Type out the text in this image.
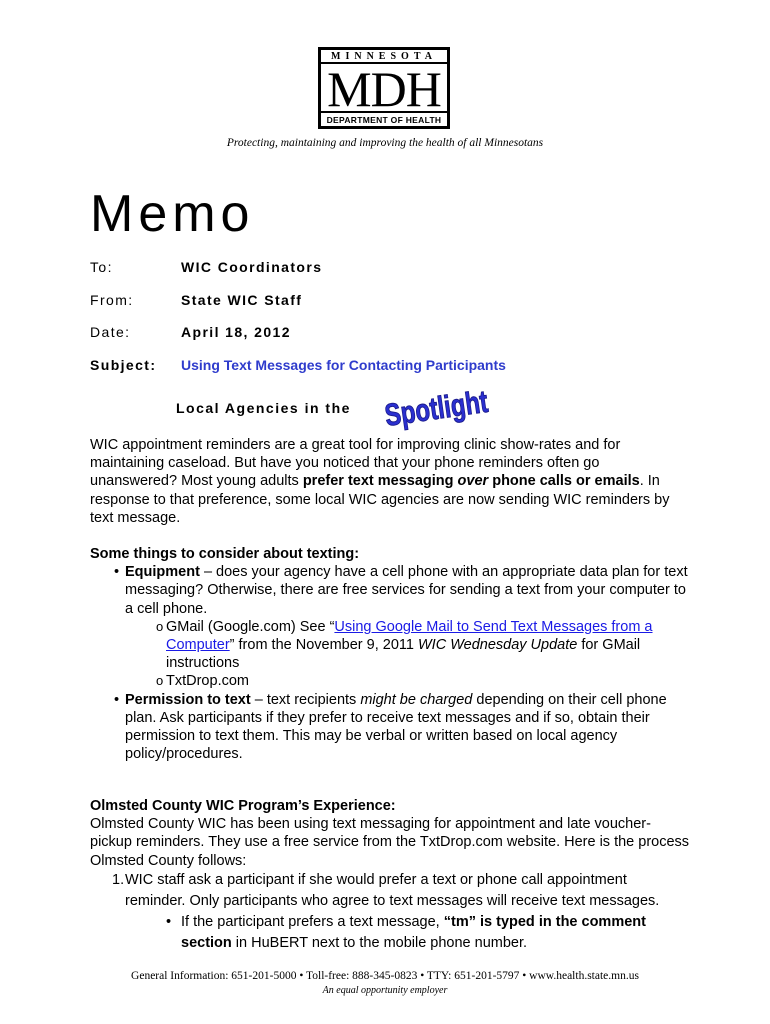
MINNESOTA
MDH
DEPARTMENT OF HEALTH
Protecting, maintaining and improving the health of all Minnesotans
Memo
To:	WIC Coordinators
From:	State WIC Staff
Date:	April 18, 2012
Subject:	Using Text Messages for Contacting Participants
Local Agencies in the Spotlight
WIC appointment reminders are a great tool for improving clinic show-rates and for maintaining caseload. But have you noticed that your phone reminders often go unanswered? Most young adults prefer text messaging over phone calls or emails. In response to that preference, some local WIC agencies are now sending WIC reminders by text message.
Some things to consider about texting:
• Equipment – does your agency have a cell phone with an appropriate data plan for text messaging? Otherwise, there are free services for sending a text from your computer to a cell phone.
o GMail (Google.com) See “Using Google Mail to Send Text Messages from a Computer” from the November 9, 2011 WIC Wednesday Update for GMail instructions
o TxtDrop.com
• Permission to text – text recipients might be charged depending on their cell phone plan. Ask participants if they prefer to receive text messages and if so, obtain their permission to text them. This may be verbal or written based on local agency policy/procedures.
Olmsted County WIC Program’s Experience:
Olmsted County WIC has been using text messaging for appointment and late voucher-pickup reminders. They use a free service from the TxtDrop.com website. Here is the process Olmsted County follows:
1. WIC staff ask a participant if she would prefer a text or phone call appointment reminder. Only participants who agree to text messages will receive text messages.
• If the participant prefers a text message, “tm” is typed in the comment section in HuBERT next to the mobile phone number.
General Information: 651-201-5000 • Toll-free: 888-345-0823 • TTY: 651-201-5797 • www.health.state.mn.us
An equal opportunity employer
